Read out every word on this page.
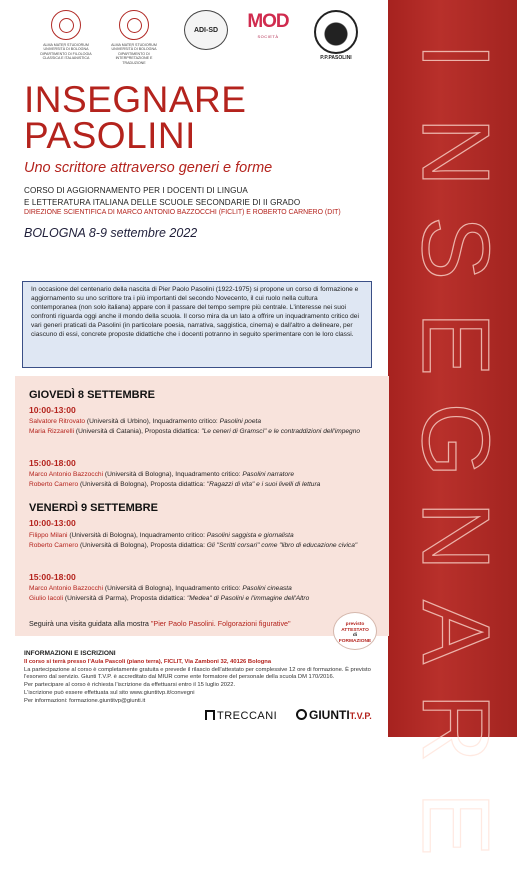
I
N
S
E
G
N
A
R
E
ALMA MATER STUDIORUM UNIVERSITÀ DI BOLOGNA DIPARTIMENTO DI FILOLOGIA CLASSICA E ITALIANISTICA
ALMA MATER STUDIORUM UNIVERSITÀ DI BOLOGNA DIPARTIMENTO DI INTERPRETAZIONE E TRADUZIONE
ADI-SD	MOD
SOCIETÀ
P.P.PASOLINI
INSEGNARE
PASOLINI
Uno scrittore attraverso generi e forme
CORSO DI AGGIORNAMENTO PER I DOCENTI DI LINGUA
E LETTERATURA ITALIANA DELLE SCUOLE SECONDARIE DI II GRADO
DIREZIONE SCIENTIFICA DI MARCO ANTONIO BAZZOCCHI (FICLIT) E ROBERTO CARNERO (DIT)
BOLOGNA 8-9 settembre 2022
In occasione del centenario della nascita di Pier Paolo Pasolini (1922-1975) si propone un corso di formazione e aggiornamento su uno scrittore tra i più importanti del secondo Novecento, il cui ruolo nella cultura contemporanea (non solo italiana) appare con il passare del tempo sempre più centrale. L'interesse nei suoi confronti riguarda oggi anche il mondo della scuola. Il corso mira da un lato a offrire un inquadramento critico dei vari generi praticati da Pasolini (in particolare poesia, narrativa, saggistica, cinema) e dall'altro a delineare, per ciascuno di essi, concrete proposte didattiche che i docenti potranno in seguito sperimentare con le loro classi.
GIOVEDÌ 8 SETTEMBRE
10:00-13:00
Salvatore Ritrovato (Università di Urbino), Inquadramento critico: Pasolini poeta
Maria Rizzarelli (Università di Catania), Proposta didattica: "Le ceneri di Gramsci" e le contraddizioni dell'impegno
15:00-18:00
Marco Antonio Bazzocchi (Università di Bologna), Inquadramento critico: Pasolini narratore
Roberto Carnero (Università di Bologna), Proposta didattica: "Ragazzi di vita" e i suoi livelli di lettura
VENERDÌ 9 SETTEMBRE
10:00-13:00
Filippo Milani (Università di Bologna), Inquadramento critico: Pasolini saggista e giornalista
Roberto Carnero (Università di Bologna), Proposta didattica: Gli "Scritti corsari" come "libro di educazione civica"
15:00-18:00
Marco Antonio Bazzocchi (Università di Bologna), Inquadramento critico: Pasolini cineasta
Giulio Iacoli (Università di Parma), Proposta didattica: "Medea" di Pasolini e l'immagine dell'Altro
Seguirà una visita guidata alla mostra "Pier Paolo Pasolini. Folgorazioni figurative"	previsto
ATTESTATO
di
FORMAZIONE
INFORMAZIONI E ISCRIZIONI
Il corso si terrà presso l'Aula Pascoli (piano terra), FICLIT, Via Zamboni 32, 40126 Bologna
La partecipazione al corso è completamente gratuita e prevede il rilascio dell'attestato per complessive 12 ore di formazione. È previsto
l'esonero dal servizio. Giunti T.V.P. è accreditato dal MIUR come ente formatore del personale della scuola DM 170/2016.
Per partecipare al corso è richiesta l'iscrizione da effettuarsi entro il 15 luglio 2022.
L'iscrizione può essere effettuata sul sito www.giuntitvp.it/convegni
Per informazioni: formazione.giuntitvp@giunti.it
TRECCANI	GIUNTIT.V.P.
